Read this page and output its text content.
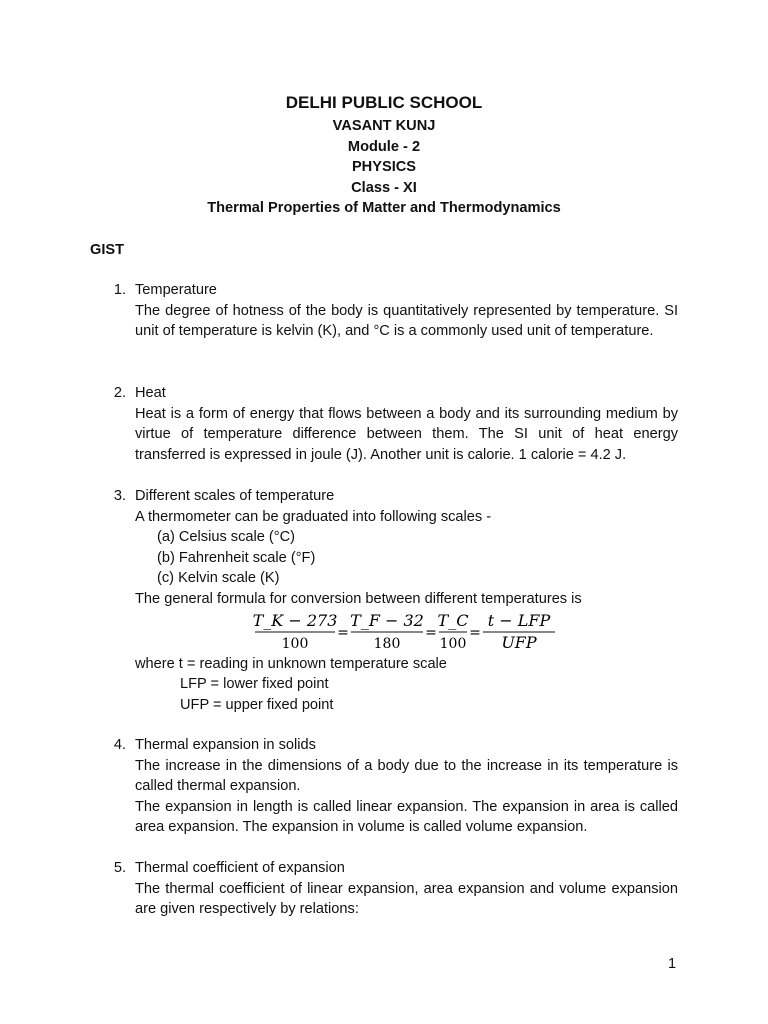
DELHI PUBLIC SCHOOL
VASANT KUNJ
Module - 2
PHYSICS
Class - XI
Thermal Properties of Matter and Thermodynamics
GIST
1. Temperature
The degree of hotness of the body is quantitatively represented by temperature. SI unit of temperature is kelvin (K), and °C is a commonly used unit of temperature.
2. Heat
Heat is a form of energy that flows between a body and its surrounding medium by virtue of temperature difference between them. The SI unit of heat energy transferred is expressed in joule (J). Another unit is calorie. 1 calorie = 4.2 J.
3. Different scales of temperature
A thermometer can be graduated into following scales -
(a) Celsius scale (°C)
(b) Fahrenheit scale (°F)
(c) Kelvin scale (K)
The general formula for conversion between different temperatures is
T_K − 273
100
=
T_F − 32
180
=
T_C
100
=
t − LFP
UFP
where t = reading in unknown temperature scale
LFP = lower fixed point
UFP = upper fixed point
4. Thermal expansion in solids
The increase in the dimensions of a body due to the increase in its temperature is called thermal expansion.
The expansion in length is called linear expansion. The expansion in area is called area expansion. The expansion in volume is called volume expansion.
5. Thermal coefficient of expansion
The thermal coefficient of linear expansion, area expansion and volume expansion are given respectively by relations:
1
